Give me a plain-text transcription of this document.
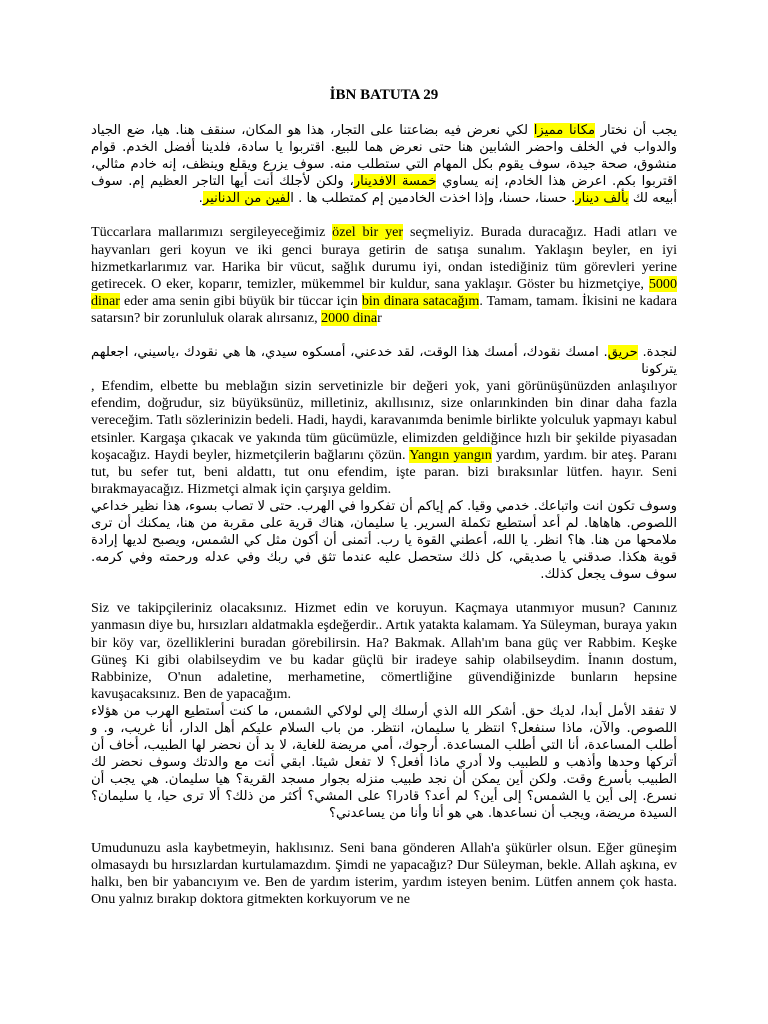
İBN BATUTA 29

يجب أن نختار مكانا مميزا لكي نعرض فيه بضاعتنا على التجار، هذا هو المكان، سنقف هنا. هيا، ضع الجياد والدواب في الخلف واحضر الشابين هنا حتى نعرض هما للبيع. اقتربوا يا سادة، فلدينا أفضل الخدم. قوام منشوق، صحة جيدة، سوف يقوم بكل المهام التي ستطلب منه. سوف يزرع ويقلع وينظف، إنه خادم مثالي، اقتربوا بكم. اعرض هذا الخادم، إنه يساوي خمسة الافدينار، ولكن لأجلك أنت أيها التاجر العظيم إم. سوف أبيعه لك بألف دينار. حسنا، حسنا، وإذا اخذت الخادمين إم كمتطلب ها . الفين من الدنانير.

Tüccarlara mallarımızı sergileyeceğimiz özel bir yer seçmeliyiz. Burada duracağız. Hadi atları ve hayvanları geri koyun ve iki genci buraya getirin de satışa sunalım. Yaklaşın beyler, en iyi hizmetkarlarımız var. Harika bir vücut, sağlık durumu iyi, ondan istediğiniz tüm görevleri yerine getirecek. O eker, koparır, temizler, mükemmel bir kuldur, sana yaklaşır. Göster bu hizmetçiye, 5000 dinar eder ama senin gibi büyük bir tüccar için bin dinara satacağım. Tamam, tamam. İkisini ne kadara satarsın? bir zorunluluk olarak alırsanız, 2000 dinar

لنجدة. حريق. امسك نقودك، أمسك هذا الوقت، لقد خدعني، أمسكوه سيدي، ها هي نقودك ،ياسيني، اجعلهم يتركونا

, Efendim, elbette bu meblağın sizin servetinizle bir değeri yok, yani görünüşünüzden anlaşılıyor efendim, doğrudur, siz büyüksünüz, milletiniz, akıllısınız, size onlarınkinden bin dinar daha fazla vereceğim. Tatlı sözlerinizin bedeli. Hadi, haydi, karavanımda benimle birlikte yolculuk yapmayı kabul etsinler. Kargaşa çıkacak ve yakında tüm gücümüzle, elimizden geldiğince hızlı bir şekilde piyasadan koşacağız. Haydi beyler, hizmetçilerin bağlarını çözün. Yangın yangın yardım, yardım. bir ateş. Paranı tut, bu sefer tut, beni aldattı, tut onu efendim, işte paran. bizi bıraksınlar lütfen. hayır. Seni bırakmayacağız. Hizmetçi almak için çarşıya geldim.

وسوف تكون انت واتباعك. خدمي وقيا. كم إياكم أن تفكروا في الهرب. حتى لا تصاب بسوء، هذا نظير خداعي اللصوص. هاهاها. لم أعد أستطيع تكملة السرير. يا سليمان، هناك قرية على مقربة من هنا، يمكنك أن ترى ملامحها من هنا. ها؟ انظر. يا الله، أعطني القوة يا رب. أتمنى أن أكون مثل كي الشمس، ويصبح لديها إرادة قوية هكذا. صدقني يا صديقي، كل ذلك ستحصل عليه عندما تثق في ربك وفي عدله ورحمته وفي كرمه. سوف سوف يجعل كذلك.

Siz ve takipçileriniz olacaksınız. Hizmet edin ve koruyun. Kaçmaya utanmıyor musun? Canınız yanmasın diye bu, hırsızları aldatmakla eşdeğerdir.. Artık yatakta kalamam. Ya Süleyman, buraya yakın bir köy var, özelliklerini buradan görebilirsin. Ha? Bakmak. Allah'ım bana güç ver Rabbim. Keşke Güneş Ki gibi olabilseydim ve bu kadar güçlü bir iradeye sahip olabilseydim. İnanın dostum, Rabbinize, O'nun adaletine, merhametine, cömertliğine güvendiğinizde bunların hepsine kavuşacaksınız. Ben de yapacağım.

لا تفقد الأمل أبدا، لديك حق. أشكر الله الذي أرسلك إلي لولاكي الشمس، ما كنت أستطيع الهرب من هؤلاء اللصوص. والآن، ماذا سنفعل؟ انتظر يا سليمان، انتظر. من باب السلام عليكم أهل الدار، أنا غريب، و. و أطلب المساعدة، أنا التي أطلب المساعدة. أرجوك، أمي مريضة للغاية، لا بد أن نحضر لها الطبيب، أخاف أن أتركها وحدها وأذهب و للطبيب ولا أدري ماذا أفعل؟ لا تفعل شيئا. ابقي أنت مع والدتك وسوف نحضر لك الطبيب بأسرع وقت. ولكن أين يمكن أن نجد طبيب منزله بجوار مسجد القرية؟ هيا سليمان. هي يجب أن نسرع. إلى أين يا الشمس؟ إلى أين؟ لم أعد؟ قادرا؟ على المشي؟ أكثر من ذلك؟ ألا ترى حيا، يا سليمان؟ السيدة مريضة، ويجب أن نساعدها. هي هو أنا وأنا من يساعدني؟

Umudunuzu asla kaybetmeyin, haklısınız. Seni bana gönderen Allah'a şükürler olsun. Eğer güneşim olmasaydı bu hırsızlardan kurtulamazdım. Şimdi ne yapacağız? Dur Süleyman, bekle. Allah aşkına, ev halkı, ben bir yabancıyım ve. Ben de yardım isterim, yardım isteyen benim. Lütfen annem çok hasta. Onu yalnız bırakıp doktora gitmekten korkuyorum ve ne
